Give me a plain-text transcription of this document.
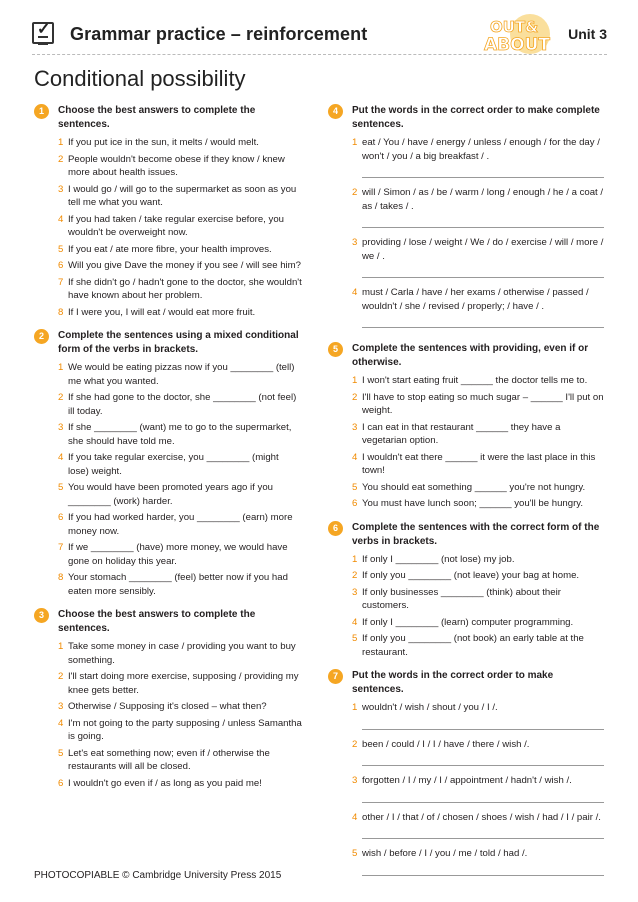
✓
Grammar practice – reinforcement	OUT&
ABOUT
Unit 3
Conditional possibility
1	Choose the best answers to complete the sentences.
1 If you put ice in the sun, it melts / would melt.
2 People wouldn't become obese if they know / knew more about health issues.
3 I would go / will go to the supermarket as soon as you tell me what you want.
4 If you had taken / take regular exercise before, you wouldn't be overweight now.
5 If you eat / ate more fibre, your health improves.
6 Will you give Dave the money if you see / will see him?
7 If she didn't go / hadn't gone to the doctor, she wouldn't have known about her problem.
8 If I were you, I will eat / would eat more fruit.
2	Complete the sentences using a mixed conditional form of the verbs in brackets.
1 We would be eating pizzas now if you ________ (tell) me what you wanted.
2 If she had gone to the doctor, she ________ (not feel) ill today.
3 If she ________ (want) me to go to the supermarket, she should have told me.
4 If you take regular exercise, you ________ (might lose) weight.
5 You would have been promoted years ago if you ________ (work) harder.
6 If you had worked harder, you ________ (earn) more money now.
7 If we ________ (have) more money, we would have gone on holiday this year.
8 Your stomach ________ (feel) better now if you had eaten more sensibly.
3	Choose the best answers to complete the sentences.
1 Take some money in case / providing you want to buy something.
2 I'll start doing more exercise, supposing / providing my knee gets better.
3 Otherwise / Supposing it's closed – what then?
4 I'm not going to the party supposing / unless Samantha is going.
5 Let's eat something now; even if / otherwise the restaurants will all be closed.
6 I wouldn't go even if / as long as you paid me!
4	Put the words in the correct order to make complete sentences.
1 eat / You / have / energy / unless / enough / for the day / won't / you / a big breakfast / .
2 will / Simon / as / be / warm / long / enough / he / a coat / as / takes / .
3 providing / lose / weight / We / do / exercise / will / more / we / .
4 must / Carla / have / her exams / otherwise / passed / wouldn't / she / revised / properly; / have / .
5	Complete the sentences with providing, even if or otherwise.
1 I won't start eating fruit ______ the doctor tells me to.
2 I'll have to stop eating so much sugar – ______ I'll put on weight.
3 I can eat in that restaurant ______ they have a vegetarian option.
4 I wouldn't eat there ______ it were the last place in this town!
5 You should eat something ______ you're not hungry.
6 You must have lunch soon; ______ you'll be hungry.
6	Complete the sentences with the correct form of the verbs in brackets.
1 If only I ________ (not lose) my job.
2 If only you ________ (not leave) your bag at home.
3 If only businesses ________ (think) about their customers.
4 If only I ________ (learn) computer programming.
5 If only you ________ (not book) an early table at the restaurant.
7	Put the words in the correct order to make sentences.
1 wouldn't / wish / shout / you / I /.
2 been / could / I / I / have / there / wish /.
3 forgotten / I / my / I / appointment / hadn't / wish /.
4 other / I / that / of / chosen / shoes / wish / had / I / pair /.
5 wish / before / I / you / me / told / had /.
PHOTOCOPIABLE © Cambridge University Press 2015
